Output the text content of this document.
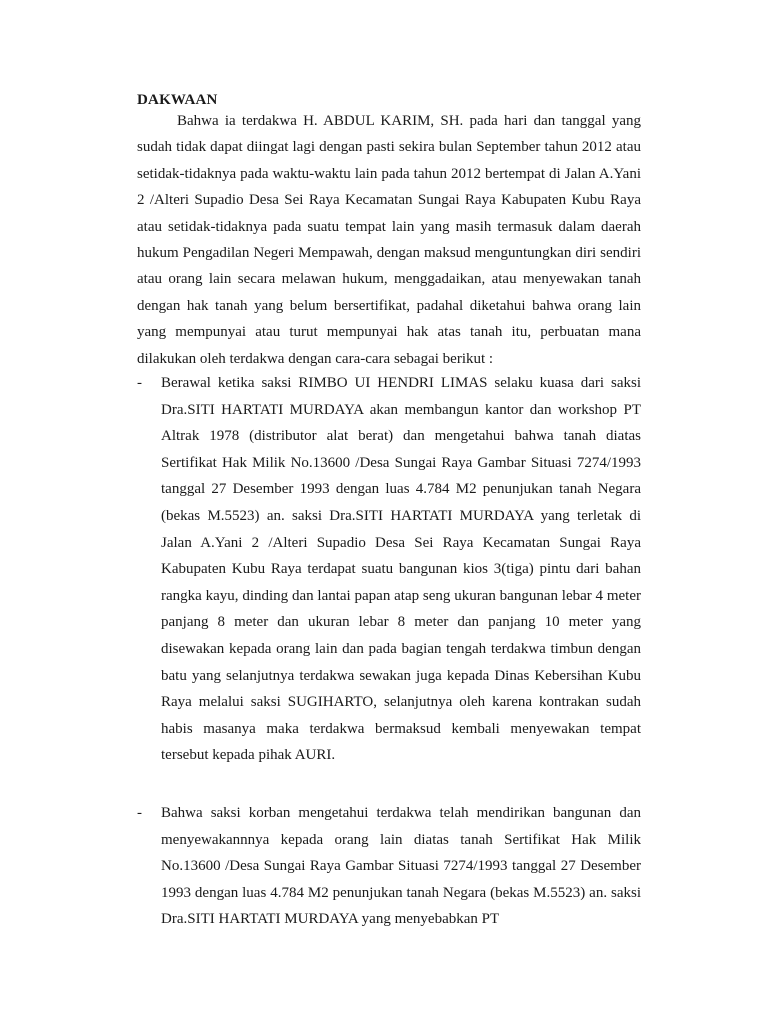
DAKWAAN

Bahwa ia terdakwa H. ABDUL KARIM, SH. pada hari dan tanggal yang sudah tidak dapat diingat lagi dengan pasti sekira bulan September tahun 2012 atau setidak-tidaknya pada waktu-waktu lain pada tahun 2012 bertempat di Jalan A.Yani 2 /Alteri Supadio Desa Sei Raya Kecamatan Sungai Raya Kabupaten Kubu Raya atau setidak-tidaknya pada suatu tempat lain yang masih termasuk dalam daerah hukum Pengadilan Negeri Mempawah, dengan maksud menguntungkan diri sendiri atau orang lain secara melawan hukum, menggadaikan, atau menyewakan tanah dengan hak tanah yang belum bersertifikat, padahal diketahui bahwa orang lain yang mempunyai atau turut mempunyai hak atas tanah itu, perbuatan mana dilakukan oleh terdakwa dengan cara-cara sebagai berikut :

- Berawal ketika saksi RIMBO UI HENDRI LIMAS selaku kuasa dari saksi Dra.SITI HARTATI MURDAYA akan membangun kantor dan workshop PT Altrak 1978 (distributor alat berat) dan mengetahui bahwa tanah diatas Sertifikat Hak Milik No.13600 /Desa Sungai Raya Gambar Situasi 7274/1993 tanggal 27 Desember 1993 dengan luas 4.784 M2 penunjukan tanah Negara (bekas M.5523) an. saksi Dra.SITI HARTATI MURDAYA yang terletak di Jalan A.Yani 2 /Alteri Supadio Desa Sei Raya Kecamatan Sungai Raya Kabupaten Kubu Raya terdapat suatu bangunan kios 3(tiga) pintu dari bahan rangka kayu, dinding dan lantai papan atap seng ukuran bangunan lebar 4 meter panjang 8 meter dan ukuran lebar 8 meter dan panjang 10 meter yang disewakan kepada orang lain dan pada bagian tengah terdakwa timbun dengan batu yang selanjutnya terdakwa sewakan juga kepada Dinas Kebersihan Kubu Raya melalui saksi SUGIHARTO, selanjutnya oleh karena kontrakan sudah habis masanya maka terdakwa bermaksud kembali menyewakan tempat tersebut kepada pihak AURI.

- Bahwa saksi korban mengetahui terdakwa telah mendirikan bangunan dan menyewakannnya kepada orang lain diatas tanah Sertifikat Hak Milik No.13600 /Desa Sungai Raya Gambar Situasi 7274/1993 tanggal 27 Desember 1993 dengan luas 4.784 M2 penunjukan tanah Negara (bekas M.5523) an. saksi Dra.SITI HARTATI MURDAYA yang menyebabkan PT
